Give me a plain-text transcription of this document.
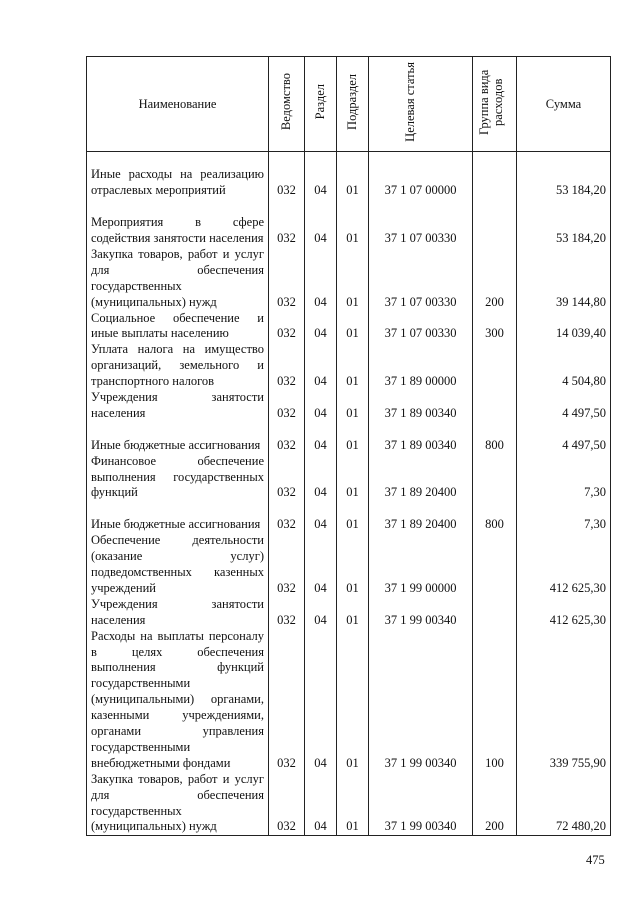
Наименование	Ведомство	Раздел	Подраздел	Целевая статья	Группа вида расходов	Сумма
Иные расходы на реализацию отраслевых мероприятий	032	04	01	37 1 07 00000		53 184,20
Мероприятия в сфере содействия занятости населения	032	04	01	37 1 07 00330		53 184,20
Закупка товаров, работ и услуг для обеспечения государственных (муниципальных) нужд	032	04	01	37 1 07 00330	200	39 144,80
Социальное обеспечение и иные выплаты населению	032	04	01	37 1 07 00330	300	14 039,40
Уплата налога на имущество организаций, земельного и транспортного налогов	032	04	01	37 1 89 00000		4 504,80
Учреждения занятости населения	032	04	01	37 1 89 00340		4 497,50
Иные бюджетные ассигнования	032	04	01	37 1 89 00340	800	4 497,50
Финансовое обеспечение выполнения государственных функций	032	04	01	37 1 89 20400		7,30
Иные бюджетные ассигнования	032	04	01	37 1 89 20400	800	7,30
Обеспечение деятельности (оказание услуг) подведомственных казенных учреждений	032	04	01	37 1 99 00000		412 625,30
Учреждения занятости населения	032	04	01	37 1 99 00340		412 625,30
Расходы на выплаты персоналу в целях обеспечения выполнения функций государственными (муниципальными) органами, казенными учреждениями, органами управления государственными внебюджетными фондами	032	04	01	37 1 99 00340	100	339 755,90
Закупка товаров, работ и услуг для обеспечения государственных (муниципальных) нужд	032	04	01	37 1 99 00340	200	72 480,20
475
